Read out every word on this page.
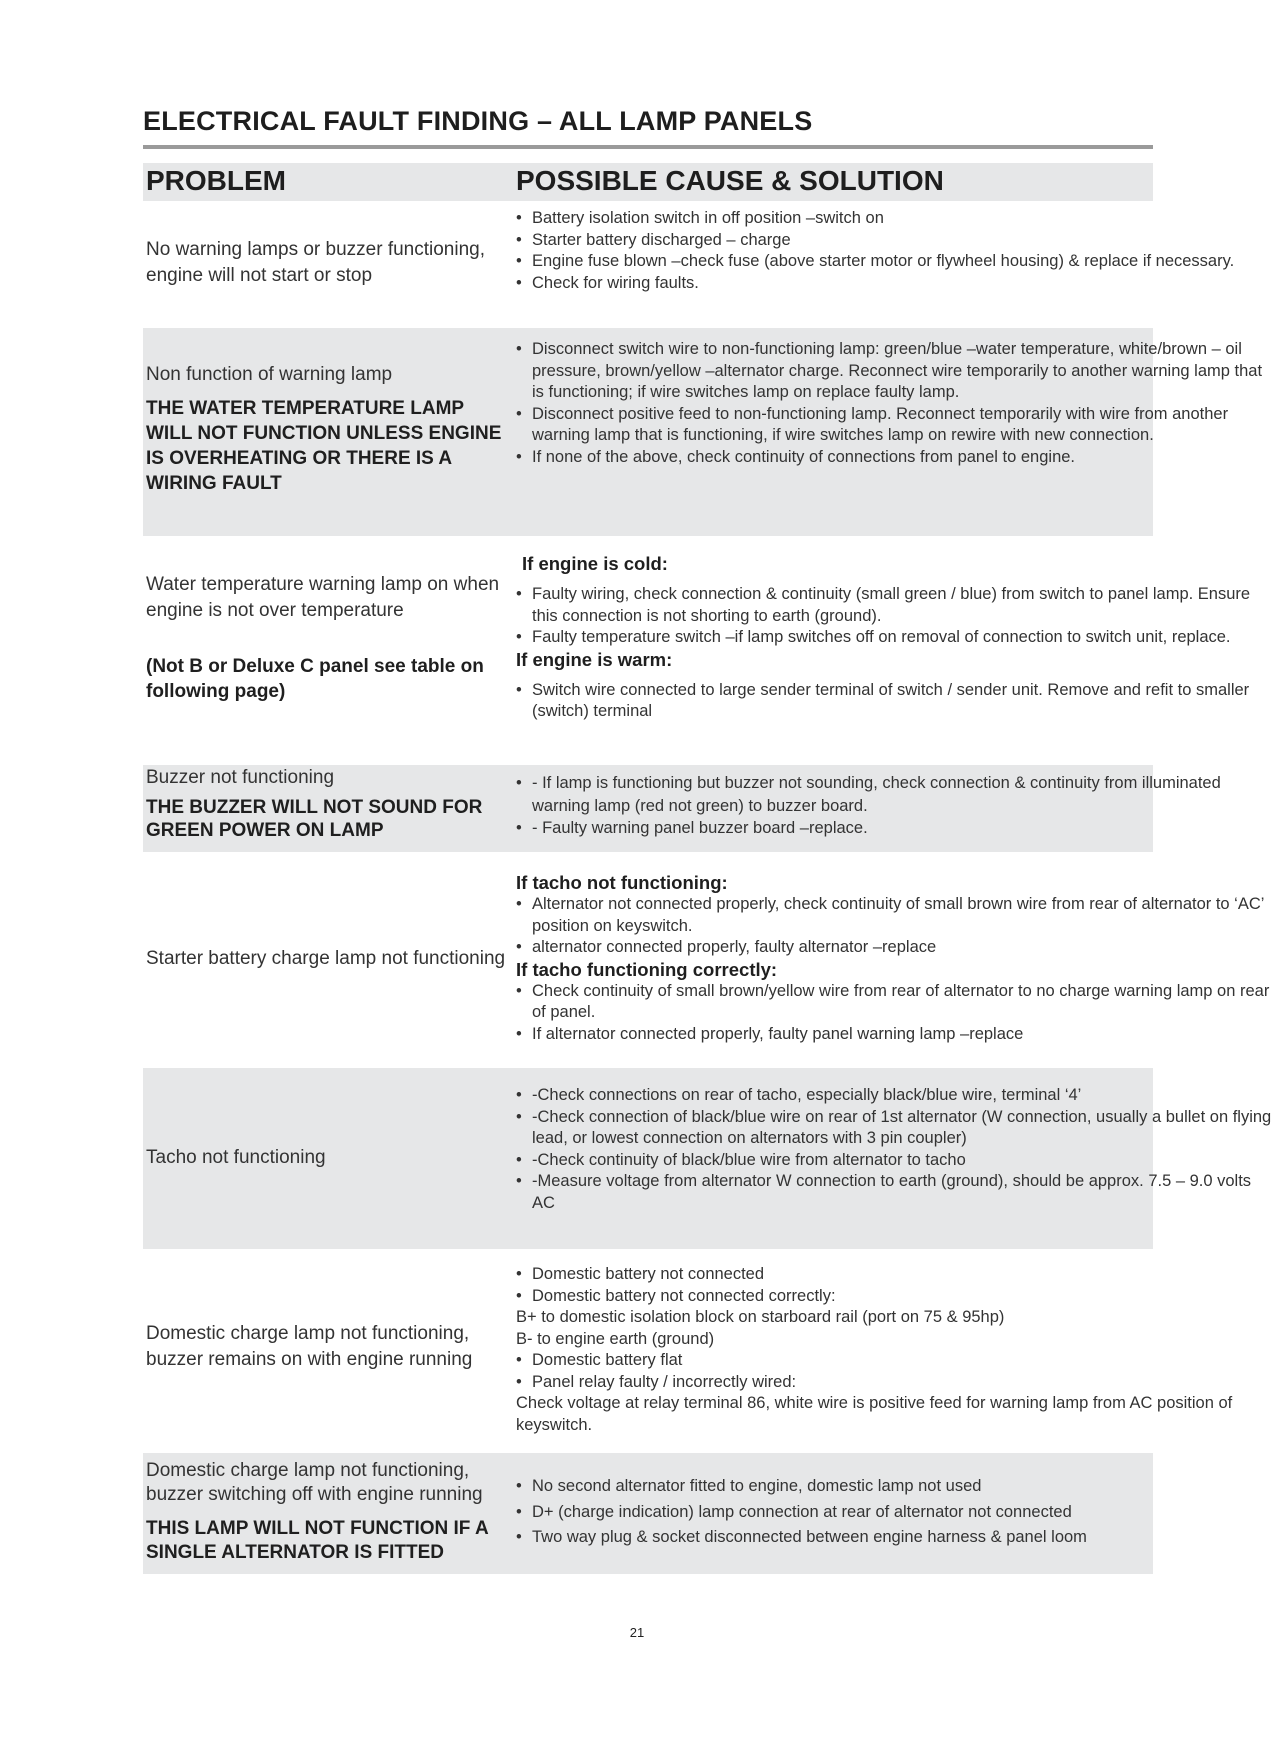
ELECTRICAL FAULT FINDING – ALL LAMP PANELS
PROBLEM	POSSIBLE CAUSE & SOLUTION

No warning lamps or buzzer functioning, engine will not start or stop

• Battery isolation switch in off position –switch on

• Starter battery discharged – charge

• Engine fuse blown –check fuse (above starter motor or flywheel housing) & replace if necessary.

• Check for wiring faults.

Non function of warning lamp

THE WATER TEMPERATURE LAMP WILL NOT FUNCTION UNLESS ENGINE IS OVERHEATING OR THERE IS A WIRING FAULT

• Disconnect switch wire to non-functioning lamp: green/blue –water temperature, white/brown – oil pressure, brown/yellow –alternator charge. Reconnect wire temporarily to another warning lamp that is functioning; if wire switches lamp on replace faulty lamp.

• Disconnect positive feed to non-functioning lamp. Reconnect temporarily with wire from another warning lamp that is functioning, if wire switches lamp on rewire with new connection.

• If none of the above, check continuity of connections from panel to engine.

Water temperature warning lamp on when engine is not over temperature

(Not B or Deluxe C panel see table on following page)

If engine is cold:

• Faulty wiring, check connection & continuity (small green / blue) from switch to panel lamp. Ensure this connection is not shorting to earth (ground).

• Faulty temperature switch –if lamp switches off on removal of connection to switch unit, replace.

If engine is warm:

• Switch wire connected to large sender terminal of switch / sender unit. Remove and refit to smaller (switch) terminal

Buzzer not functioning

THE BUZZER WILL NOT SOUND FOR GREEN POWER ON LAMP

• - If lamp is functioning but buzzer not sounding, check connection & continuity from illuminated warning lamp (red not green) to buzzer board.

• - Faulty warning panel buzzer board –replace.

Starter battery charge lamp not functioning

If tacho not functioning:

• Alternator not connected properly, check continuity of small brown wire from rear of alternator to ‘AC’ position on keyswitch.

• alternator connected properly, faulty alternator –replace

If tacho functioning correctly:

• Check continuity of small brown/yellow wire from rear of alternator to no charge warning lamp on rear of panel.

• If alternator connected properly, faulty panel warning lamp –replace

Tacho not functioning

• -Check connections on rear of tacho, especially black/blue wire, terminal ‘4’

• -Check connection of black/blue wire on rear of 1st alternator (W connection, usually a bullet on flying lead, or lowest connection on alternators with 3 pin coupler)

• -Check continuity of black/blue wire from alternator to tacho

• -Measure voltage from alternator W connection to earth (ground), should be approx. 7.5 – 9.0 volts AC

Domestic charge lamp not functioning, buzzer remains on with engine running

• Domestic battery not connected

• Domestic battery not connected correctly:

B+ to domestic isolation block on starboard rail (port on 75 & 95hp)

B- to engine earth (ground)

• Domestic battery flat

• Panel relay faulty / incorrectly wired:

Check voltage at relay terminal 86, white wire is positive feed for warning lamp from AC position of keyswitch.

Domestic charge lamp not functioning, buzzer switching off with engine running

THIS LAMP WILL NOT FUNCTION IF A SINGLE ALTERNATOR IS FITTED

• No second alternator fitted to engine, domestic lamp not used

• D+ (charge indication) lamp connection at rear of alternator not connected

• Two way plug & socket disconnected between engine harness & panel loom

21
